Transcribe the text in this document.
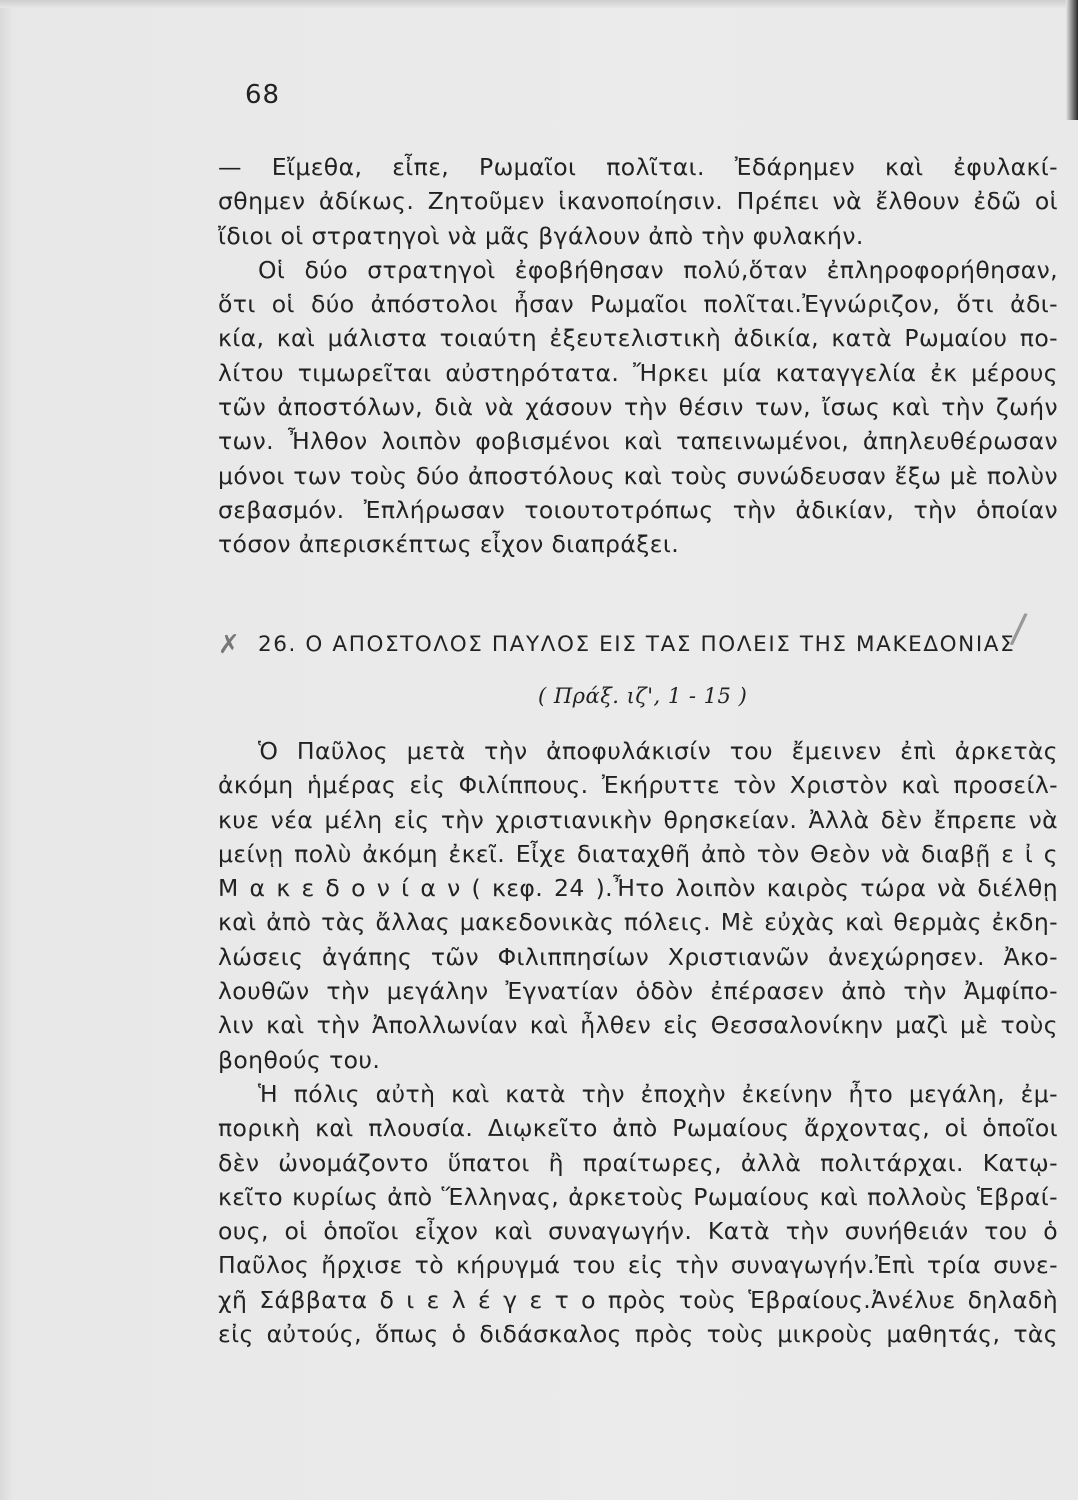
68
— Εἴμεθα, εἶπε, Ρωμαῖοι πολῖται. Ἐδάρημεν καὶ ἐφυλακί-
σθημεν ἀδίκως. Ζητοῦμεν ἱκανοποίησιν. Πρέπει νὰ ἔλθουν ἐδῶ οἱ
ἴδιοι οἱ στρατηγοὶ νὰ μᾶς βγάλουν ἀπὸ τὴν φυλακήν.
Οἱ δύο στρατηγοὶ ἐφοβήθησαν πολύ,ὅταν ἐπληροφορήθησαν,
ὅτι οἱ δύο ἀπόστολοι ἦσαν Ρωμαῖοι πολῖται.Ἐγνώριζον, ὅτι ἀδι-
κία, καὶ μάλιστα τοιαύτη ἐξευτελιστικὴ ἀδικία, κατὰ Ρωμαίου πο-
λίτου τιμωρεῖται αὐστηρότατα. Ἤρκει μία καταγγελία ἐκ μέρους
τῶν ἀποστόλων, διὰ νὰ χάσουν τὴν θέσιν των, ἴσως καὶ τὴν ζωήν
των. Ἦλθον λοιπὸν φοβισμένοι καὶ ταπεινωμένοι, ἀπηλευθέρωσαν
μόνοι των τοὺς δύο ἀποστόλους καὶ τοὺς συνώδευσαν ἔξω μὲ πολὺν
σεβασμόν. Ἐπλήρωσαν τοιουτοτρόπως τὴν ἀδικίαν, τὴν ὁποίαν
τόσον ἀπερισκέπτως εἶχον διαπράξει.
✗ 26. Ο ΑΠΟΣΤΟΛΟΣ ΠΑΥΛΟΣ ΕΙΣ ΤΑΣ ΠΟΛΕΙΣ ΤΗΣ ΜΑΚΕΔΟΝΙΑΣ
/
( Πράξ. ιζ', 1 - 15 )
Ὁ Παῦλος μετὰ τὴν ἀποφυλάκισίν του ἔμεινεν ἐπὶ ἀρκετὰς
ἀκόμη ἡμέρας εἰς Φιλίππους. Ἐκήρυττε τὸν Χριστὸν καὶ προσείλ-
κυε νέα μέλη εἰς τὴν χριστιανικὴν θρησκείαν. Ἀλλὰ δὲν ἔπρεπε νὰ
μείνῃ πολὺ ἀκόμη ἐκεῖ. Εἶχε διαταχθῆ ἀπὸ τὸν Θεὸν νὰ διαβῇ ε ἰ ς
Μ α κ ε δ ο ν ί α ν ( κεφ. 24 ).Ἦτο λοιπὸν καιρὸς τώρα νὰ διέλθῃ
καὶ ἀπὸ τὰς ἄλλας μακεδονικὰς πόλεις. Μὲ εὐχὰς καὶ θερμὰς ἐκδη-
λώσεις ἀγάπης τῶν Φιλιππησίων Χριστιανῶν ἀνεχώρησεν. Ἀκο-
λουθῶν τὴν μεγάλην Ἐγνατίαν ὁδὸν ἐπέρασεν ἀπὸ τὴν Ἀμφίπο-
λιν καὶ τὴν Ἀπολλωνίαν καὶ ἦλθεν εἰς Θεσσαλονίκην μαζὶ μὲ τοὺς
βοηθούς του.
Ἡ πόλις αὐτὴ καὶ κατὰ τὴν ἐποχὴν ἐκείνην ἦτο μεγάλη, ἐμ-
πορικὴ καὶ πλουσία. Διῳκεῖτο ἀπὸ Ρωμαίους ἄρχοντας, οἱ ὁποῖοι
δὲν ὠνομάζοντο ὕπατοι ἢ πραίτωρες, ἀλλὰ πολιτάρχαι. Κατῳ-
κεῖτο κυρίως ἀπὸ Ἕλληνας, ἀρκετοὺς Ρωμαίους καὶ πολλοὺς Ἑβραί-
ους, οἱ ὁποῖοι εἶχον καὶ συναγωγήν. Κατὰ τὴν συνήθειάν του ὁ
Παῦλος ἤρχισε τὸ κήρυγμά του εἰς τὴν συναγωγήν.Ἐπὶ τρία συνε-
χῆ Σάββατα δ ι ε λ έ γ ε τ ο πρὸς τοὺς Ἑβραίους.Ἀνέλυε δηλαδὴ
εἰς αὐτούς, ὅπως ὁ διδάσκαλος πρὸς τοὺς μικροὺς μαθητάς, τὰς
